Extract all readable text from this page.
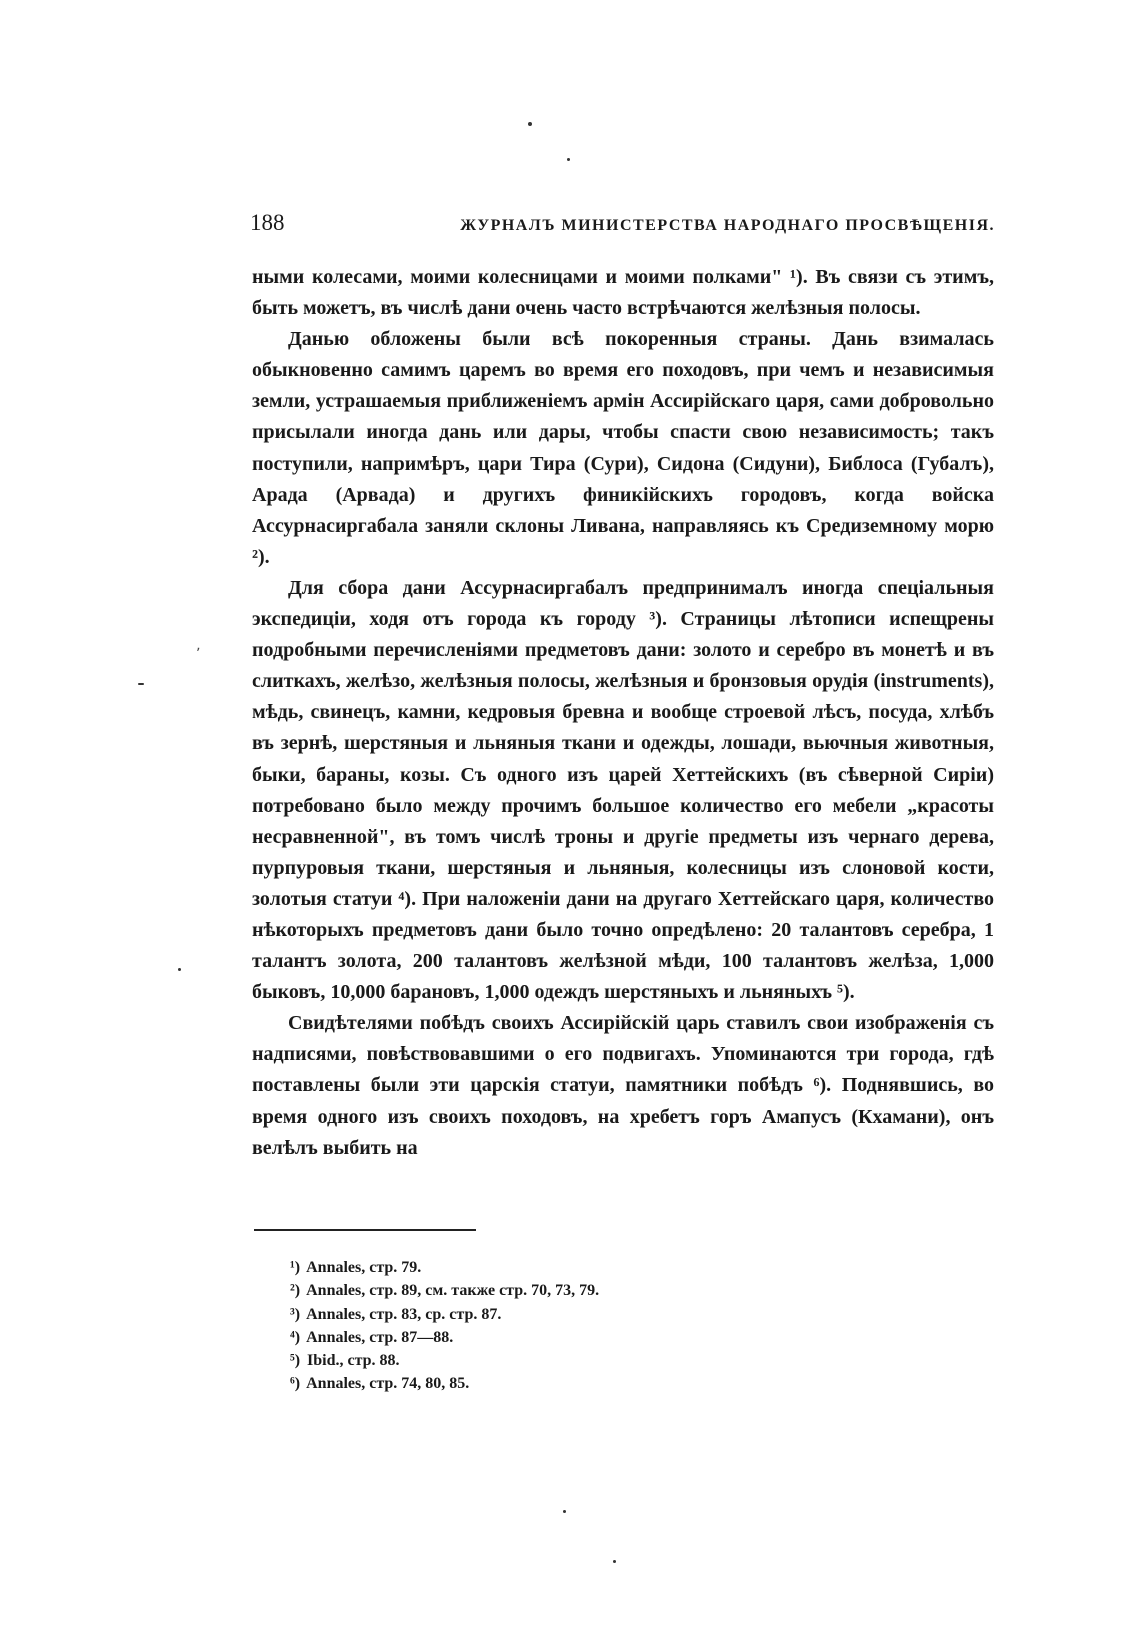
ʼ
188	ЖУРНАЛЪ МИНИСТЕРСТВА НАРОДНАГО ПРОСВѢЩЕНІЯ.

ными колесами, моими колесницами и моими полками" ¹). Въ связи съ этимъ, быть можетъ, въ числѣ дани очень часто встрѣчаются желѣзныя полосы.

Данью обложены были всѣ покоренныя страны. Дань взималась обыкновенно самимъ царемъ во время его походовъ, при чемъ и независимыя земли, устрашаемыя приближеніемъ армін Ассирійскаго царя, сами добровольно присылали иногда дань или дары, чтобы спасти свою независимость; такъ поступили, напримѣръ, цари Тира (Сури), Сидона (Сидуни), Библоса (Губалъ), Арада (Арвада) и другихъ финикійскихъ городовъ, когда войска Ассурнасиргабала заняли склоны Ливана, направляясь къ Средиземному морю ²).

Для сбора дани Ассурнасиргабалъ предпринималъ иногда спеціальныя экспедиціи, ходя отъ города къ городу ³). Страницы лѣтописи испещрены подробными перечисленіями предметовъ дани: золото и серебро въ монетѣ и въ слиткахъ, желѣзо, желѣзныя полосы, желѣзныя и бронзовыя орудія (instruments), мѣдь, свинецъ, камни, кедровыя бревна и вообще строевой лѣсъ, посуда, хлѣбъ въ зернѣ, шерстяныя и льняныя ткани и одежды, лошади, вьючныя животныя, быки, бараны, козы. Съ одного изъ царей Хеттейскихъ (въ сѣверной Сиріи) потребовано было между прочимъ большое количество его мебели „красоты несравненной", въ томъ числѣ троны и другіе предметы изъ чернаго дерева, пурпуровыя ткани, шерстяныя и льняныя, колесницы изъ слоновой кости, золотыя статуи ⁴). При наложеніи дани на другаго Хеттейскаго царя, количество нѣкоторыхъ предметовъ дани было точно опредѣлено: 20 талантовъ серебра, 1 талантъ золота, 200 талантовъ желѣзной мѣди, 100 талантовъ желѣза, 1,000 быковъ, 10,000 барановъ, 1,000 одеждъ шерстяныхъ и льняныхъ ⁵).

Свидѣтелями побѣдъ своихъ Ассирійскій царь ставилъ свои изображенія съ надписями, повѣствовавшими о его подвигахъ. Упоминаются три города, гдѣ поставлены были эти царскія статуи, памятники побѣдъ ⁶). Поднявшись, во время одного изъ своихъ походовъ, на хребетъ горъ Амапусъ (Кхамани), онъ велѣлъ выбить на

¹) Annales, стр. 79.
²) Annales, стр. 89, см. также стр. 70, 73, 79.
³) Annales, стр. 83, ср. стр. 87.
⁴) Annales, стр. 87—88.
⁵) Ibid., стр. 88.
⁶) Annales, стр. 74, 80, 85.
